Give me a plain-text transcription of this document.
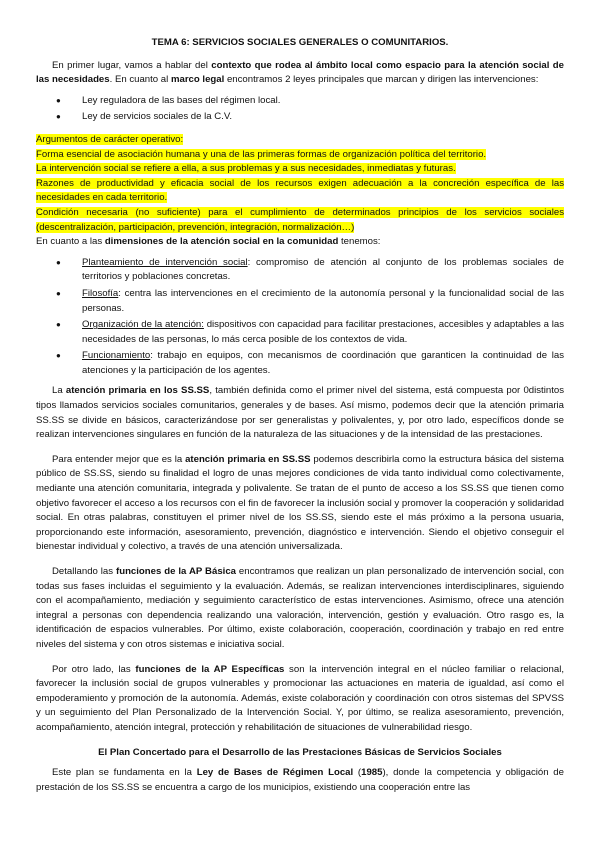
TEMA 6: SERVICIOS SOCIALES GENERALES O COMUNITARIOS.

En primer lugar, vamos a hablar del contexto que rodea al ámbito local como espacio para la atención social de las necesidades. En cuanto al marco legal encontramos 2 leyes principales que marcan y dirigen las intervenciones:

● Ley reguladora de las bases del régimen local.
● Ley de servicios sociales de la C.V.

Argumentos de carácter operativo:

Forma esencial de asociación humana y una de las primeras formas de organización política del territorio.

La intervención social se refiere a ella, a sus problemas y a sus necesidades, inmediatas y futuras.

Razones de productividad y eficacia social de los recursos exigen adecuación a la concreción específica de las necesidades en cada territorio.

Condición necesaria (no suficiente) para el cumplimiento de determinados principios de los servicios sociales (descentralización, participación, prevención, integración, normalización…)

En cuanto a las dimensiones de la atención social en la comunidad tenemos:

● Planteamiento de intervención social: compromiso de atención al conjunto de los problemas sociales de territorios y poblaciones concretas.
● Filosofía: centra las intervenciones en el crecimiento de la autonomía personal y la funcionalidad social de las personas.
● Organización de la atención: dispositivos con capacidad para facilitar prestaciones, accesibles y adaptables a las necesidades de las personas, lo más cerca posible de los contextos de vida.
● Funcionamiento: trabajo en equipos, con mecanismos de coordinación que garanticen la continuidad de las atenciones y la participación de los agentes.

La atención primaria en los SS.SS, también definida como el primer nivel del sistema, está compuesta por 0distintos tipos llamados servicios sociales comunitarios, generales y de bases. Así mismo, podemos decir que la atención primaria SS.SS se divide en básicos, caracterizándose por ser generalistas y polivalentes, y, por otro lado, específicos donde se realizan intervenciones singulares en función de la naturaleza de las situaciones y de la intensidad de las prestaciones.

Para entender mejor que es la atención primaria en SS.SS podemos describirla como la estructura básica del sistema público de SS.SS, siendo su finalidad el logro de unas mejores condiciones de vida tanto individual como colectivamente, mediante una atención comunitaria, integrada y polivalente. Se tratan de el punto de acceso a los SS.SS que tienen como objetivo favorecer el acceso a los recursos con el fin de favorecer la inclusión social y promover la cooperación y solidaridad social. En otras palabras, constituyen el primer nivel de los SS.SS, siendo este el más próximo a la persona usuaria, proporcionando este información, asesoramiento, prevención, diagnóstico e intervención. Siendo el objetivo conseguir el bienestar individual y colectivo, a través de una atención universalizada.

Detallando las funciones de la AP Básica encontramos que realizan un plan personalizado de intervención social, con todas sus fases incluidas el seguimiento y la evaluación. Además, se realizan intervenciones interdisciplinares, siguiendo con el acompañamiento, mediación y seguimiento característico de estas intervenciones. Asimismo, ofrece una atención integral a personas con dependencia realizando una valoración, intervención, gestión y evaluación. Otro rasgo es, la identificación de espacios vulnerables. Por último, existe colaboración, cooperación, coordinación y trabajo en red entre niveles del sistema y con otros sistemas e iniciativa social.

Por otro lado, las funciones de la AP Específicas son la intervención integral en el núcleo familiar o relacional, favorecer la inclusión social de grupos vulnerables y promocionar las actuaciones en materia de igualdad, así como el empoderamiento y promoción de la autonomía. Además, existe colaboración y coordinación con otros sistemas del SPVSS y un seguimiento del Plan Personalizado de la Intervención Social. Y, por último, se realiza asesoramiento, prevención, acompañamiento, atención integral, protección y rehabilitación de situaciones de vulnerabilidad riesgo.

El Plan Concertado para el Desarrollo de las Prestaciones Básicas de Servicios Sociales

Este plan se fundamenta en la Ley de Bases de Régimen Local (1985), donde la competencia y obligación de prestación de los SS.SS se encuentra a cargo de los municipios, existiendo una cooperación entre las
